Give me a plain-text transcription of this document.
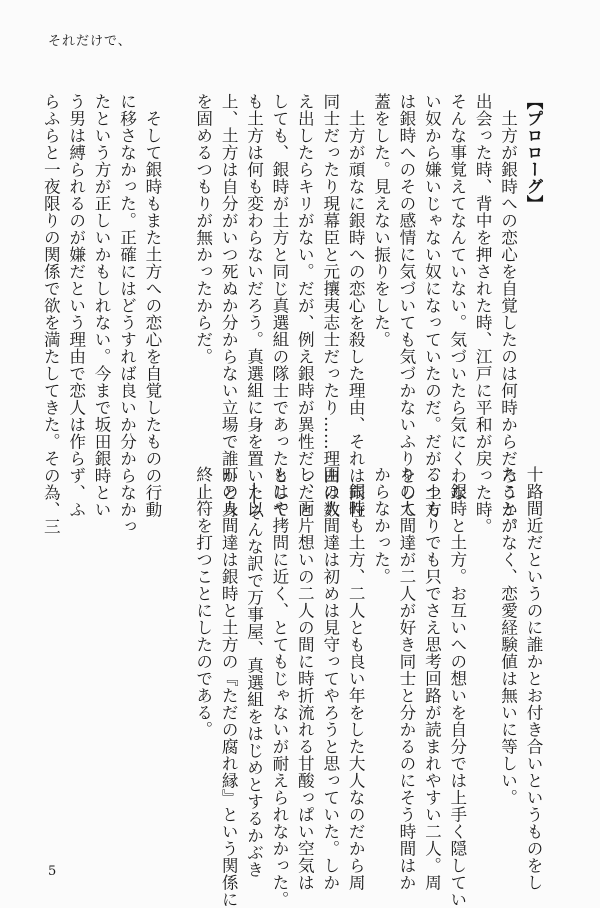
それだけで、
【プロローグ】
　土方が銀時への恋心を自覚したのは何時からだろうか。
出会った時、背中を押された時、江戸に平和が戻った時。
そんな事覚えてなんていない。気づいたら気にくわな
い奴から嫌いじゃない奴になっていたのだ。だが、土方
は銀時へのその感情に気づいても気づかないふりをして
蓋をした。見えない振りをした。
　土方が頑なに銀時への恋心を殺した理由、それは同性
同士だったり現幕臣と元攘夷志士だったり……理由は数
え出したらキリがない。だが、例え銀時が異性だったと
しても、銀時が土方と同じ真選組の隊士であったとして
も土方は何も変わらないだろう。真選組に身を置いた以
上、土方は自分がいつ死ぬか分からない立場で誰かと身
を固めるつもりが無かったからだ。
　そして銀時もまた土方への恋心を自覚したものの行動
に移さなかった。正確にはどうすれば良いか分からなかっ
たという方が正しいかもしれない。今まで坂田銀時とい
う男は縛られるのが嫌だという理由で恋人は作らず、ふ
らふらと一夜限りの関係で欲を満たしてきた。その為、三
十路間近だというのに誰かとお付き合いというものをし
たことがなく、恋愛経験値は無いに等しい。
　銀時と土方。お互いへの想いを自分では上手く隠してい
るつもりでも只でさえ思考回路が読まれやすい二人。周
りの人間達が二人が好き同士と分かるのにそう時間はか
からなかった。
　銀時も土方、二人とも良い年をした大人なのだから周
囲の人間達は初めは見守ってやろうと思っていた。しか
し、両片想いの二人の間に時折流れる甘酸っぱい空気は
もはや拷問に近く、とてもじゃないが耐えられなかった。
　──そんな訳で万事屋、真選組をはじめとするかぶき
町の人間達は銀時と土方の『ただの腐れ縁』という関係に
終止符を打つことにしたのである。
5
